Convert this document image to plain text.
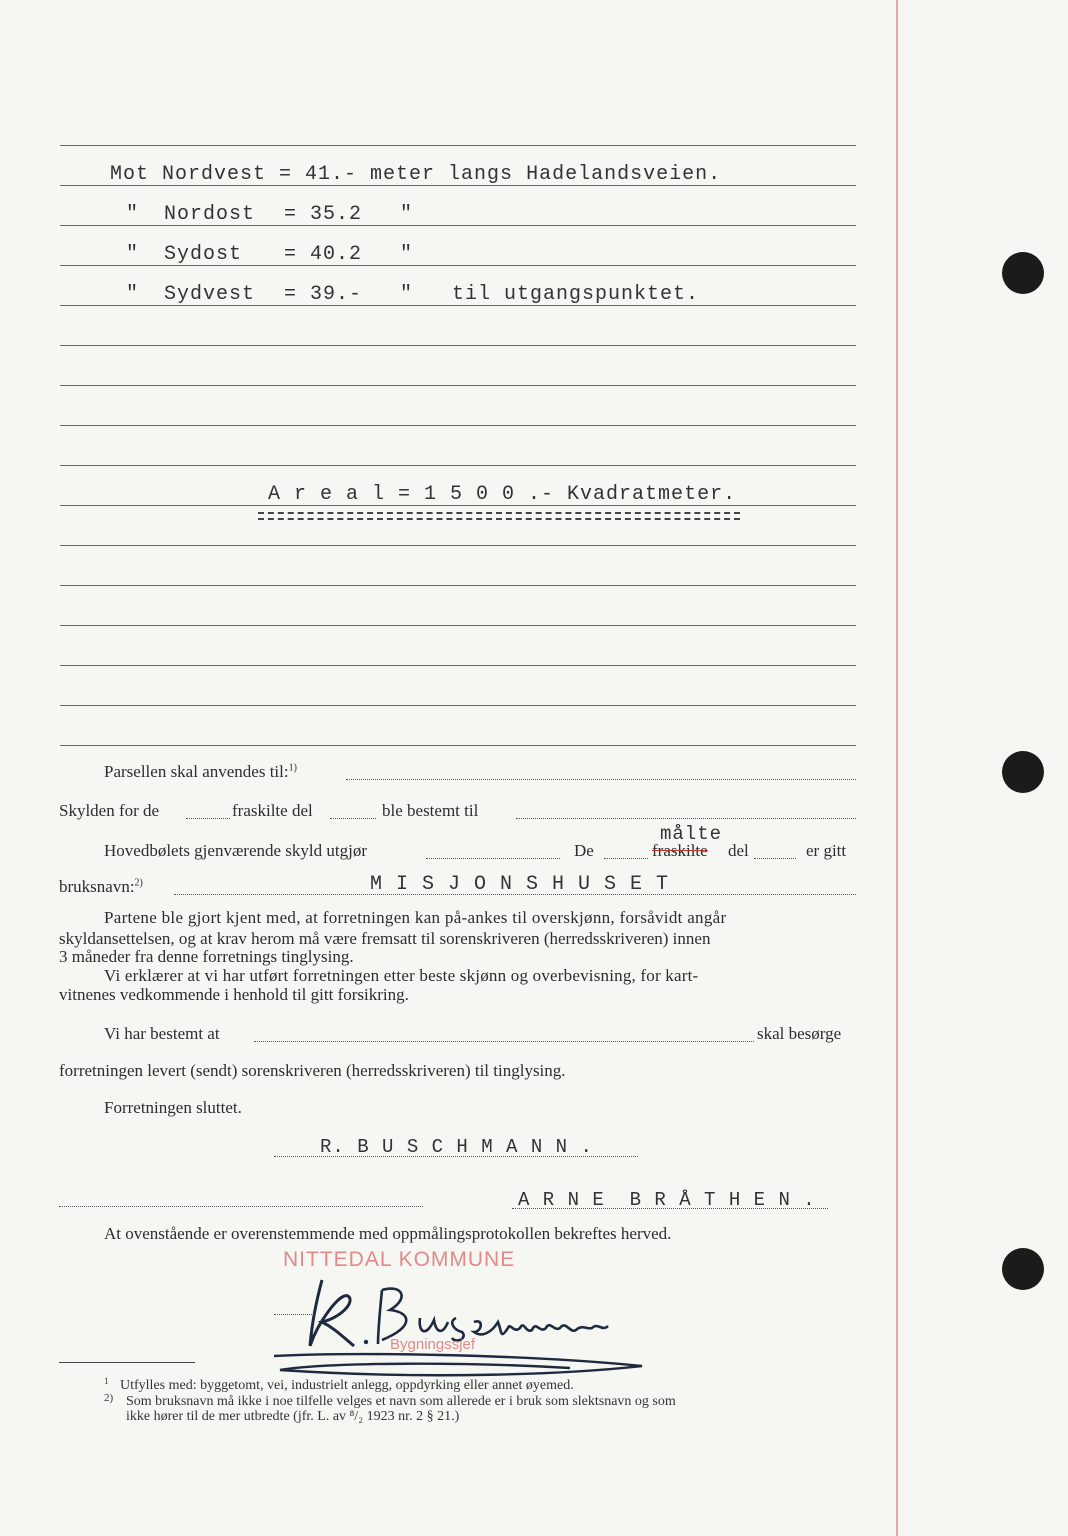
Mot Nordvest = 41.- meter langs Hadelandsveien.
" Nordost = 35.2 "
" Sydost = 40.2 "
" Sydvest = 39.- " til utgangspunktet.
A r e a l = 1 5 0 0 .- Kvadratmeter.
Parsellen skal anvendes til:$^{1)}$
Skylden for de	fraskilte del	ble bestemt til
målte
Hovedbølets gjenværende skyld utgjør	De	fraskilte del	er gitt
bruksnavn:$^{2)}$	M I S J O N S H U S E T
Partene ble gjort kjent med, at forretningen kan på-ankes til overskjønn, forsåvidt angår
skyldansettelsen, og at krav herom må være fremsatt til sorenskriveren (herredsskriveren) innen
3 måneder fra denne forretnings tinglysing.
Vi erklærer at vi har utført forretningen etter beste skjønn og overbevisning, for kart-
vitnenes vedkommende i henhold til gitt forsikring.
Vi har bestemt at	skal besørge
forretningen levert (sendt) sorenskriveren (herredsskriveren) til tinglysing.
Forretningen sluttet.
R. B U S C H M A N N .
A R N E  B R Å T H E N .
At ovenstående er overenstemmende med oppmålingsprotokollen bekreftes herved.
NITTEDAL KOMMUNE
Bygningssjef
1 Utfylles med: byggetomt, vei, industrielt anlegg, oppdyrking eller annet øyemed.
2) Som bruksnavn må ikke i noe tilfelle velges et navn som allerede er i bruk som slektsnavn og som
ikke hører til de mer utbredte (jfr. L. av ⁸/₂ 1923 nr. 2 § 21.)
